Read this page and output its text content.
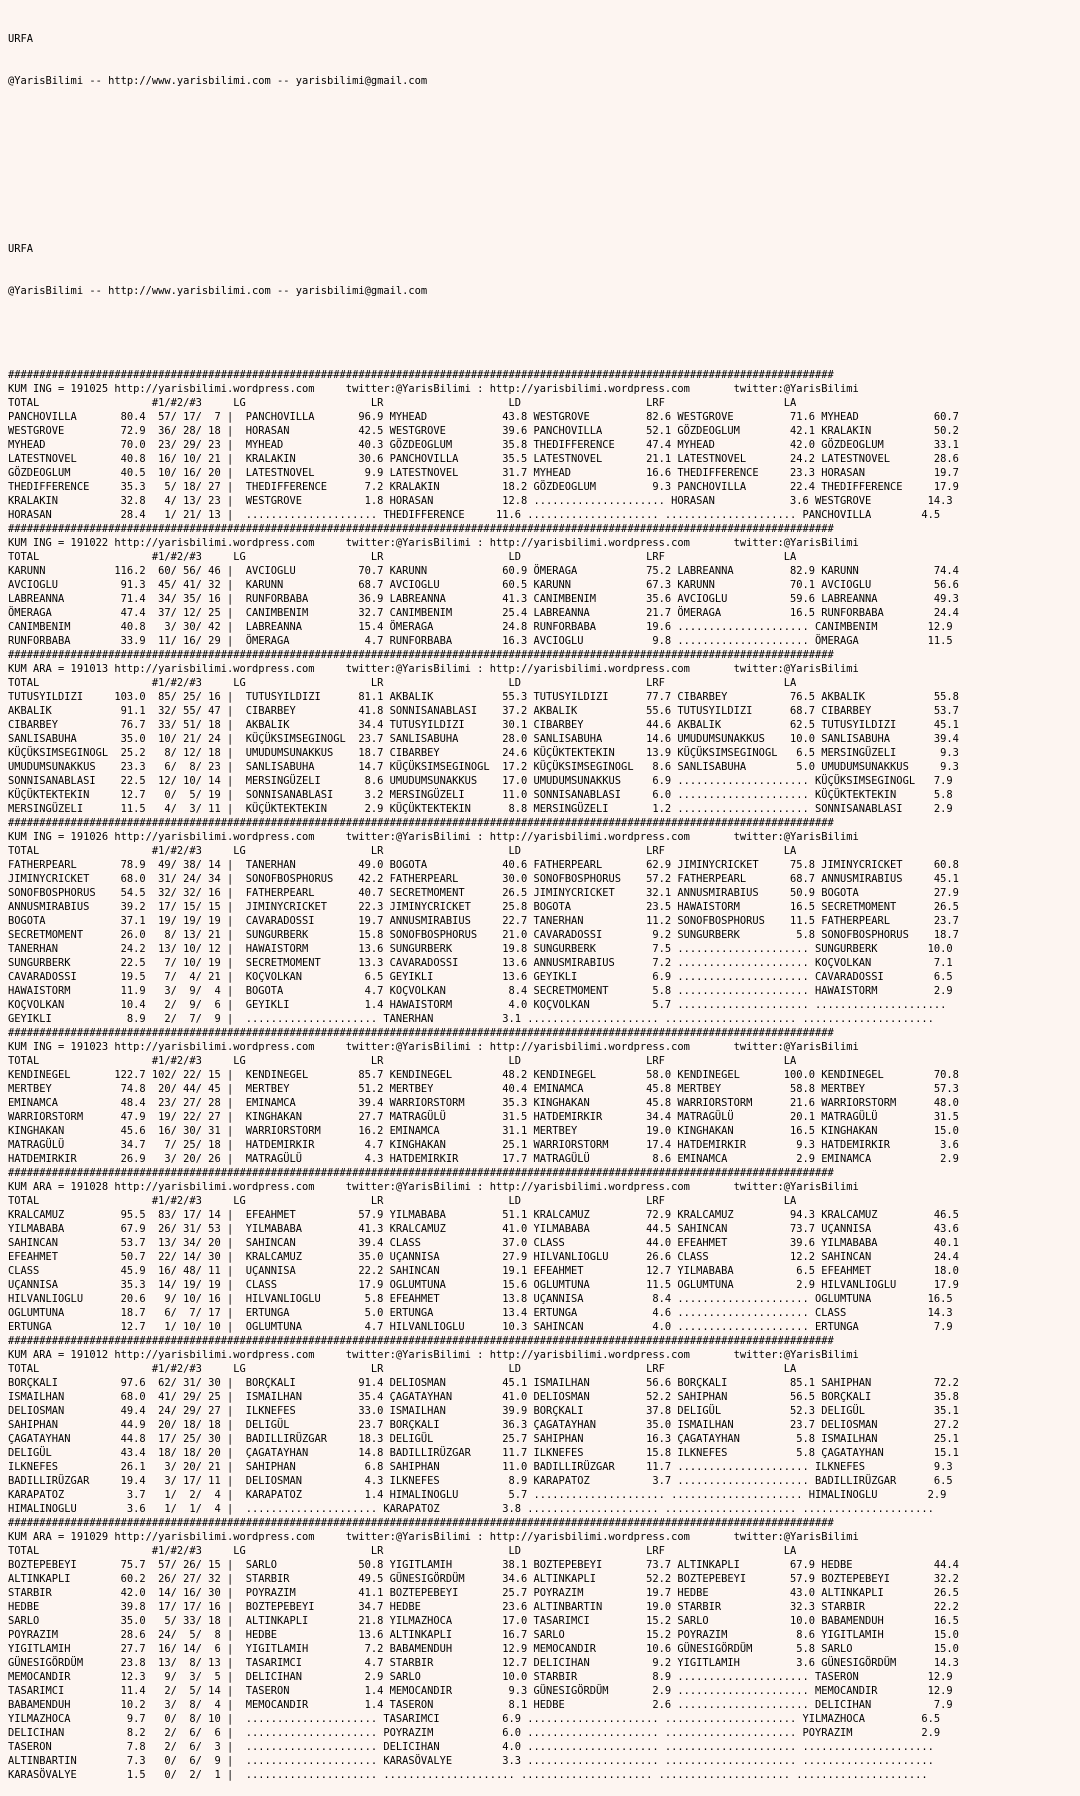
URFA

@YarisBilimi -- http://www.yarisbilimi.com -- yarisbilimi@gmail.com

URFA

@YarisBilimi -- http://www.yarisbilimi.com -- yarisbilimi@gmail.com

####################################################################################################################################
KUM ING = 191025 http://yarisbilimi.wordpress.com     twitter:@YarisBilimi : http://yarisbilimi.wordpress.com       twitter:@YarisBilimi
TOTAL                  #1/#2/#3     LG                    LR                    LD                    LRF                   LA
PANCHOVILLA       80.4  57/ 17/  7 |  PANCHOVILLA       96.9 MYHEAD            43.8 WESTGROVE         82.6 WESTGROVE         71.6 MYHEAD            60.7
WESTGROVE         72.9  36/ 28/ 18 |  HORASAN           42.5 WESTGROVE         39.6 PANCHOVILLA       52.1 GÖZDEOGLUM        42.1 KRALAKIN          50.2
MYHEAD            70.0  23/ 29/ 23 |  MYHEAD            40.3 GÖZDEOGLUM        35.8 THEDIFFERENCE     47.4 MYHEAD            42.0 GÖZDEOGLUM        33.1
LATESTNOVEL       40.8  16/ 10/ 21 |  KRALAKIN          30.6 PANCHOVILLA       35.5 LATESTNOVEL       21.1 LATESTNOVEL       24.2 LATESTNOVEL       28.6
GÖZDEOGLUM        40.5  10/ 16/ 20 |  LATESTNOVEL        9.9 LATESTNOVEL       31.7 MYHEAD            16.6 THEDIFFERENCE     23.3 HORASAN           19.7
THEDIFFERENCE     35.3   5/ 18/ 27 |  THEDIFFERENCE      7.2 KRALAKIN          18.2 GÖZDEOGLUM         9.3 PANCHOVILLA       22.4 THEDIFFERENCE     17.9
KRALAKIN          32.8   4/ 13/ 23 |  WESTGROVE          1.8 HORASAN           12.8 ..................... HORASAN            3.6 WESTGROVE         14.3
HORASAN           28.4   1/ 21/ 13 |  ..................... THEDIFFERENCE     11.6 ..................... ..................... PANCHOVILLA        4.5
####################################################################################################################################
KUM ING = 191022 http://yarisbilimi.wordpress.com     twitter:@YarisBilimi : http://yarisbilimi.wordpress.com       twitter:@YarisBilimi
TOTAL                  #1/#2/#3     LG                    LR                    LD                    LRF                   LA
KARUNN           116.2  60/ 56/ 46 |  AVCIOGLU          70.7 KARUNN            60.9 ÖMERAGA           75.2 LABREANNA         82.9 KARUNN            74.4
AVCIOGLU          91.3  45/ 41/ 32 |  KARUNN            68.7 AVCIOGLU          60.5 KARUNN            67.3 KARUNN            70.1 AVCIOGLU          56.6
LABREANNA         71.4  34/ 35/ 16 |  RUNFORBABA        36.9 LABREANNA         41.3 CANIMBENIM        35.6 AVCIOGLU          59.6 LABREANNA         49.3
ÖMERAGA           47.4  37/ 12/ 25 |  CANIMBENIM        32.7 CANIMBENIM        25.4 LABREANNA         21.7 ÖMERAGA           16.5 RUNFORBABA        24.4
CANIMBENIM        40.8   3/ 30/ 42 |  LABREANNA         15.4 ÖMERAGA           24.8 RUNFORBABA        19.6 ..................... CANIMBENIM        12.9
RUNFORBABA        33.9  11/ 16/ 29 |  ÖMERAGA            4.7 RUNFORBABA        16.3 AVCIOGLU           9.8 ..................... ÖMERAGA           11.5
####################################################################################################################################
KUM ARA = 191013 http://yarisbilimi.wordpress.com     twitter:@YarisBilimi : http://yarisbilimi.wordpress.com       twitter:@YarisBilimi
TOTAL                  #1/#2/#3     LG                    LR                    LD                    LRF                   LA
TUTUSYILDIZI     103.0  85/ 25/ 16 |  TUTUSYILDIZI      81.1 AKBALIK           55.3 TUTUSYILDIZI      77.7 CIBARBEY          76.5 AKBALIK           55.8
AKBALIK           91.1  32/ 55/ 47 |  CIBARBEY          41.8 SONNISANABLASI    37.2 AKBALIK           55.6 TUTUSYILDIZI      68.7 CIBARBEY          53.7
CIBARBEY          76.7  33/ 51/ 18 |  AKBALIK           34.4 TUTUSYILDIZI      30.1 CIBARBEY          44.6 AKBALIK           62.5 TUTUSYILDIZI      45.1
SANLISABUHA       35.0  10/ 21/ 24 |  KÜÇÜKSIMSEGINOGL  23.7 SANLISABUHA       28.0 SANLISABUHA       14.6 UMUDUMSUNAKKUS    10.0 SANLISABUHA       39.4
KÜÇÜKSIMSEGINOGL  25.2   8/ 12/ 18 |  UMUDUMSUNAKKUS    18.7 CIBARBEY          24.6 KÜÇÜKTEKTEKIN     13.9 KÜÇÜKSIMSEGINOGL   6.5 MERSINGÜZELI       9.3
UMUDUMSUNAKKUS    23.3   6/  8/ 23 |  SANLISABUHA       14.7 KÜÇÜKSIMSEGINOGL  17.2 KÜÇÜKSIMSEGINOGL   8.6 SANLISABUHA        5.0 UMUDUMSUNAKKUS     9.3
SONNISANABLASI    22.5  12/ 10/ 14 |  MERSINGÜZELI       8.6 UMUDUMSUNAKKUS    17.0 UMUDUMSUNAKKUS     6.9 ..................... KÜÇÜKSIMSEGINOGL   7.9
KÜÇÜKTEKTEKIN     12.7   0/  5/ 19 |  SONNISANABLASI     3.2 MERSINGÜZELI      11.0 SONNISANABLASI     6.0 ..................... KÜÇÜKTEKTEKIN      5.8
MERSINGÜZELI      11.5   4/  3/ 11 |  KÜÇÜKTEKTEKIN      2.9 KÜÇÜKTEKTEKIN      8.8 MERSINGÜZELI       1.2 ..................... SONNISANABLASI     2.9
####################################################################################################################################
KUM ING = 191026 http://yarisbilimi.wordpress.com     twitter:@YarisBilimi : http://yarisbilimi.wordpress.com       twitter:@YarisBilimi
TOTAL                  #1/#2/#3     LG                    LR                    LD                    LRF                   LA
FATHERPEARL       78.9  49/ 38/ 14 |  TANERHAN          49.0 BOGOTA            40.6 FATHERPEARL       62.9 JIMINYCRICKET     75.8 JIMINYCRICKET     60.8
JIMINYCRICKET     68.0  31/ 24/ 34 |  SONOFBOSPHORUS    42.2 FATHERPEARL       30.0 SONOFBOSPHORUS    57.2 FATHERPEARL       68.7 ANNUSMIRABIUS     45.1
SONOFBOSPHORUS    54.5  32/ 32/ 16 |  FATHERPEARL       40.7 SECRETMOMENT      26.5 JIMINYCRICKET     32.1 ANNUSMIRABIUS     50.9 BOGOTA            27.9
ANNUSMIRABIUS     39.2  17/ 15/ 15 |  JIMINYCRICKET     22.3 JIMINYCRICKET     25.8 BOGOTA            23.5 HAWAISTORM        16.5 SECRETMOMENT      26.5
BOGOTA            37.1  19/ 19/ 19 |  CAVARADOSSI       19.7 ANNUSMIRABIUS     22.7 TANERHAN          11.2 SONOFBOSPHORUS    11.5 FATHERPEARL       23.7
SECRETMOMENT      26.0   8/ 13/ 21 |  SUNGURBERK        15.8 SONOFBOSPHORUS    21.0 CAVARADOSSI        9.2 SUNGURBERK         5.8 SONOFBOSPHORUS    18.7
TANERHAN          24.2  13/ 10/ 12 |  HAWAISTORM        13.6 SUNGURBERK        19.8 SUNGURBERK         7.5 ..................... SUNGURBERK        10.0
SUNGURBERK        22.5   7/ 10/ 19 |  SECRETMOMENT      13.3 CAVARADOSSI       13.6 ANNUSMIRABIUS      7.2 ..................... KOÇVOLKAN          7.1
CAVARADOSSI       19.5   7/  4/ 21 |  KOÇVOLKAN          6.5 GEYIKLI           13.6 GEYIKLI            6.9 ..................... CAVARADOSSI        6.5
HAWAISTORM        11.9   3/  9/  4 |  BOGOTA             4.7 KOÇVOLKAN          8.4 SECRETMOMENT       5.8 ..................... HAWAISTORM         2.9
KOÇVOLKAN         10.4   2/  9/  6 |  GEYIKLI            1.4 HAWAISTORM         4.0 KOÇVOLKAN          5.7 ..................... .....................
GEYIKLI            8.9   2/  7/  9 |  ..................... TANERHAN           3.1 ..................... ..................... .....................
####################################################################################################################################
KUM ING = 191023 http://yarisbilimi.wordpress.com     twitter:@YarisBilimi : http://yarisbilimi.wordpress.com       twitter:@YarisBilimi
TOTAL                  #1/#2/#3     LG                    LR                    LD                    LRF                   LA
KENDINEGEL       122.7 102/ 22/ 15 |  KENDINEGEL        85.7 KENDINEGEL        48.2 KENDINEGEL        58.0 KENDINEGEL       100.0 KENDINEGEL        70.8
MERTBEY           74.8  20/ 44/ 45 |  MERTBEY           51.2 MERTBEY           40.4 EMINAMCA          45.8 MERTBEY           58.8 MERTBEY           57.3
EMINAMCA          48.4  23/ 27/ 28 |  EMINAMCA          39.4 WARRIORSTORM      35.3 KINGHAKAN         45.8 WARRIORSTORM      21.6 WARRIORSTORM      48.0
WARRIORSTORM      47.9  19/ 22/ 27 |  KINGHAKAN         27.7 MATRAGÜLÜ         31.5 HATDEMIRKIR       34.4 MATRAGÜLÜ         20.1 MATRAGÜLÜ         31.5
KINGHAKAN         45.6  16/ 30/ 31 |  WARRIORSTORM      16.2 EMINAMCA          31.1 MERTBEY           19.0 KINGHAKAN         16.5 KINGHAKAN         15.0
MATRAGÜLÜ         34.7   7/ 25/ 18 |  HATDEMIRKIR        4.7 KINGHAKAN         25.1 WARRIORSTORM      17.4 HATDEMIRKIR        9.3 HATDEMIRKIR        3.6
HATDEMIRKIR       26.9   3/ 20/ 26 |  MATRAGÜLÜ          4.3 HATDEMIRKIR       17.7 MATRAGÜLÜ          8.6 EMINAMCA           2.9 EMINAMCA           2.9
####################################################################################################################################
KUM ARA = 191028 http://yarisbilimi.wordpress.com     twitter:@YarisBilimi : http://yarisbilimi.wordpress.com       twitter:@YarisBilimi
TOTAL                  #1/#2/#3     LG                    LR                    LD                    LRF                   LA
KRALCAMUZ         95.5  83/ 17/ 14 |  EFEAHMET          57.9 YILMABABA         51.1 KRALCAMUZ         72.9 KRALCAMUZ         94.3 KRALCAMUZ         46.5
YILMABABA         67.9  26/ 31/ 53 |  YILMABABA         41.3 KRALCAMUZ         41.0 YILMABABA         44.5 SAHINCAN          73.7 UÇANNISA          43.6
SAHINCAN          53.7  13/ 34/ 20 |  SAHINCAN          39.4 CLASS             37.0 CLASS             44.0 EFEAHMET          39.6 YILMABABA         40.1
EFEAHMET          50.7  22/ 14/ 30 |  KRALCAMUZ         35.0 UÇANNISA          27.9 HILVANLIOGLU      26.6 CLASS             12.2 SAHINCAN          24.4
CLASS             45.9  16/ 48/ 11 |  UÇANNISA          22.2 SAHINCAN          19.1 EFEAHMET          12.7 YILMABABA          6.5 EFEAHMET          18.0
UÇANNISA          35.3  14/ 19/ 19 |  CLASS             17.9 OGLUMTUNA         15.6 OGLUMTUNA         11.5 OGLUMTUNA          2.9 HILVANLIOGLU      17.9
HILVANLIOGLU      20.6   9/ 10/ 16 |  HILVANLIOGLU       5.8 EFEAHMET          13.8 UÇANNISA           8.4 ..................... OGLUMTUNA         16.5
OGLUMTUNA         18.7   6/  7/ 17 |  ERTUNGA            5.0 ERTUNGA           13.4 ERTUNGA            4.6 ..................... CLASS             14.3
ERTUNGA           12.7   1/ 10/ 10 |  OGLUMTUNA          4.7 HILVANLIOGLU      10.3 SAHINCAN           4.0 ..................... ERTUNGA            7.9
####################################################################################################################################
KUM ARA = 191012 http://yarisbilimi.wordpress.com     twitter:@YarisBilimi : http://yarisbilimi.wordpress.com       twitter:@YarisBilimi
TOTAL                  #1/#2/#3     LG                    LR                    LD                    LRF                   LA
BORÇKALI          97.6  62/ 31/ 30 |  BORÇKALI          91.4 DELIOSMAN         45.1 ISMAILHAN         56.6 BORÇKALI          85.1 SAHIPHAN          72.2
ISMAILHAN         68.0  41/ 29/ 25 |  ISMAILHAN         35.4 ÇAGATAYHAN        41.0 DELIOSMAN         52.2 SAHIPHAN          56.5 BORÇKALI          35.8
DELIOSMAN         49.4  24/ 29/ 27 |  ILKNEFES          33.0 ISMAILHAN         39.9 BORÇKALI          37.8 DELIGÜL           52.3 DELIGÜL           35.1
SAHIPHAN          44.9  20/ 18/ 18 |  DELIGÜL           23.7 BORÇKALI          36.3 ÇAGATAYHAN        35.0 ISMAILHAN         23.7 DELIOSMAN         27.2
ÇAGATAYHAN        44.8  17/ 25/ 30 |  BADILLIRÜZGAR     18.3 DELIGÜL           25.7 SAHIPHAN          16.3 ÇAGATAYHAN         5.8 ISMAILHAN         25.1
DELIGÜL           43.4  18/ 18/ 20 |  ÇAGATAYHAN        14.8 BADILLIRÜZGAR     11.7 ILKNEFES          15.8 ILKNEFES           5.8 ÇAGATAYHAN        15.1
ILKNEFES          26.1   3/ 20/ 21 |  SAHIPHAN           6.8 SAHIPHAN          11.0 BADILLIRÜZGAR     11.7 ..................... ILKNEFES           9.3
BADILLIRÜZGAR     19.4   3/ 17/ 11 |  DELIOSMAN          4.3 ILKNEFES           8.9 KARAPATOZ          3.7 ..................... BADILLIRÜZGAR      6.5
KARAPATOZ          3.7   1/  2/  4 |  KARAPATOZ          1.4 HIMALINOGLU        5.7 ..................... ..................... HIMALINOGLU        2.9
HIMALINOGLU        3.6   1/  1/  4 |  ..................... KARAPATOZ          3.8 ..................... ..................... .....................
####################################################################################################################################
KUM ARA = 191029 http://yarisbilimi.wordpress.com     twitter:@YarisBilimi : http://yarisbilimi.wordpress.com       twitter:@YarisBilimi
TOTAL                  #1/#2/#3     LG                    LR                    LD                    LRF                   LA
BOZTEPEBEYI       75.7  57/ 26/ 15 |  SARLO             50.8 YIGITLAMIH        38.1 BOZTEPEBEYI       73.7 ALTINKAPLI        67.9 HEDBE             44.4
ALTINKAPLI        60.2  26/ 27/ 32 |  STARBIR           49.5 GÜNESIGÖRDÜM      34.6 ALTINKAPLI        52.2 BOZTEPEBEYI       57.9 BOZTEPEBEYI       32.2
STARBIR           42.0  14/ 16/ 30 |  POYRAZIM          41.1 BOZTEPEBEYI       25.7 POYRAZIM          19.7 HEDBE             43.0 ALTINKAPLI        26.5
HEDBE             39.8  17/ 17/ 16 |  BOZTEPEBEYI       34.7 HEDBE             23.6 ALTINBARTIN       19.0 STARBIR           32.3 STARBIR           22.2
SARLO             35.0   5/ 33/ 18 |  ALTINKAPLI        21.8 YILMAZHOCA        17.0 TASARIMCI         15.2 SARLO             10.0 BABAMENDUH        16.5
POYRAZIM          28.6  24/  5/  8 |  HEDBE             13.6 ALTINKAPLI        16.7 SARLO             15.2 POYRAZIM           8.6 YIGITLAMIH        15.0
YIGITLAMIH        27.7  16/ 14/  6 |  YIGITLAMIH         7.2 BABAMENDUH        12.9 MEMOCANDIR        10.6 GÜNESIGÖRDÜM       5.8 SARLO             15.0
GÜNESIGÖRDÜM      23.8  13/  8/ 13 |  TASARIMCI          4.7 STARBIR           12.7 DELICIHAN          9.2 YIGITLAMIH         3.6 GÜNESIGÖRDÜM      14.3
MEMOCANDIR        12.3   9/  3/  5 |  DELICIHAN          2.9 SARLO             10.0 STARBIR            8.9 ..................... TASERON           12.9
TASARIMCI         11.4   2/  5/ 14 |  TASERON            1.4 MEMOCANDIR         9.3 GÜNESIGÖRDÜM       2.9 ..................... MEMOCANDIR        12.9
BABAMENDUH        10.2   3/  8/  4 |  MEMOCANDIR         1.4 TASERON            8.1 HEDBE              2.6 ..................... DELICIHAN          7.9
YILMAZHOCA         9.7   0/  8/ 10 |  ..................... TASARIMCI          6.9 ..................... ..................... YILMAZHOCA         6.5
DELICIHAN          8.2   2/  6/  6 |  ..................... POYRAZIM           6.0 ..................... ..................... POYRAZIM           2.9
TASERON            7.8   2/  6/  3 |  ..................... DELICIHAN          4.0 ..................... ..................... .....................
ALTINBARTIN        7.3   0/  6/  9 |  ..................... KARASÖVALYE        3.3 ..................... ..................... .....................
KARASÖVALYE        1.5   0/  2/  1 |  ..................... ..................... ..................... ..................... .....................
